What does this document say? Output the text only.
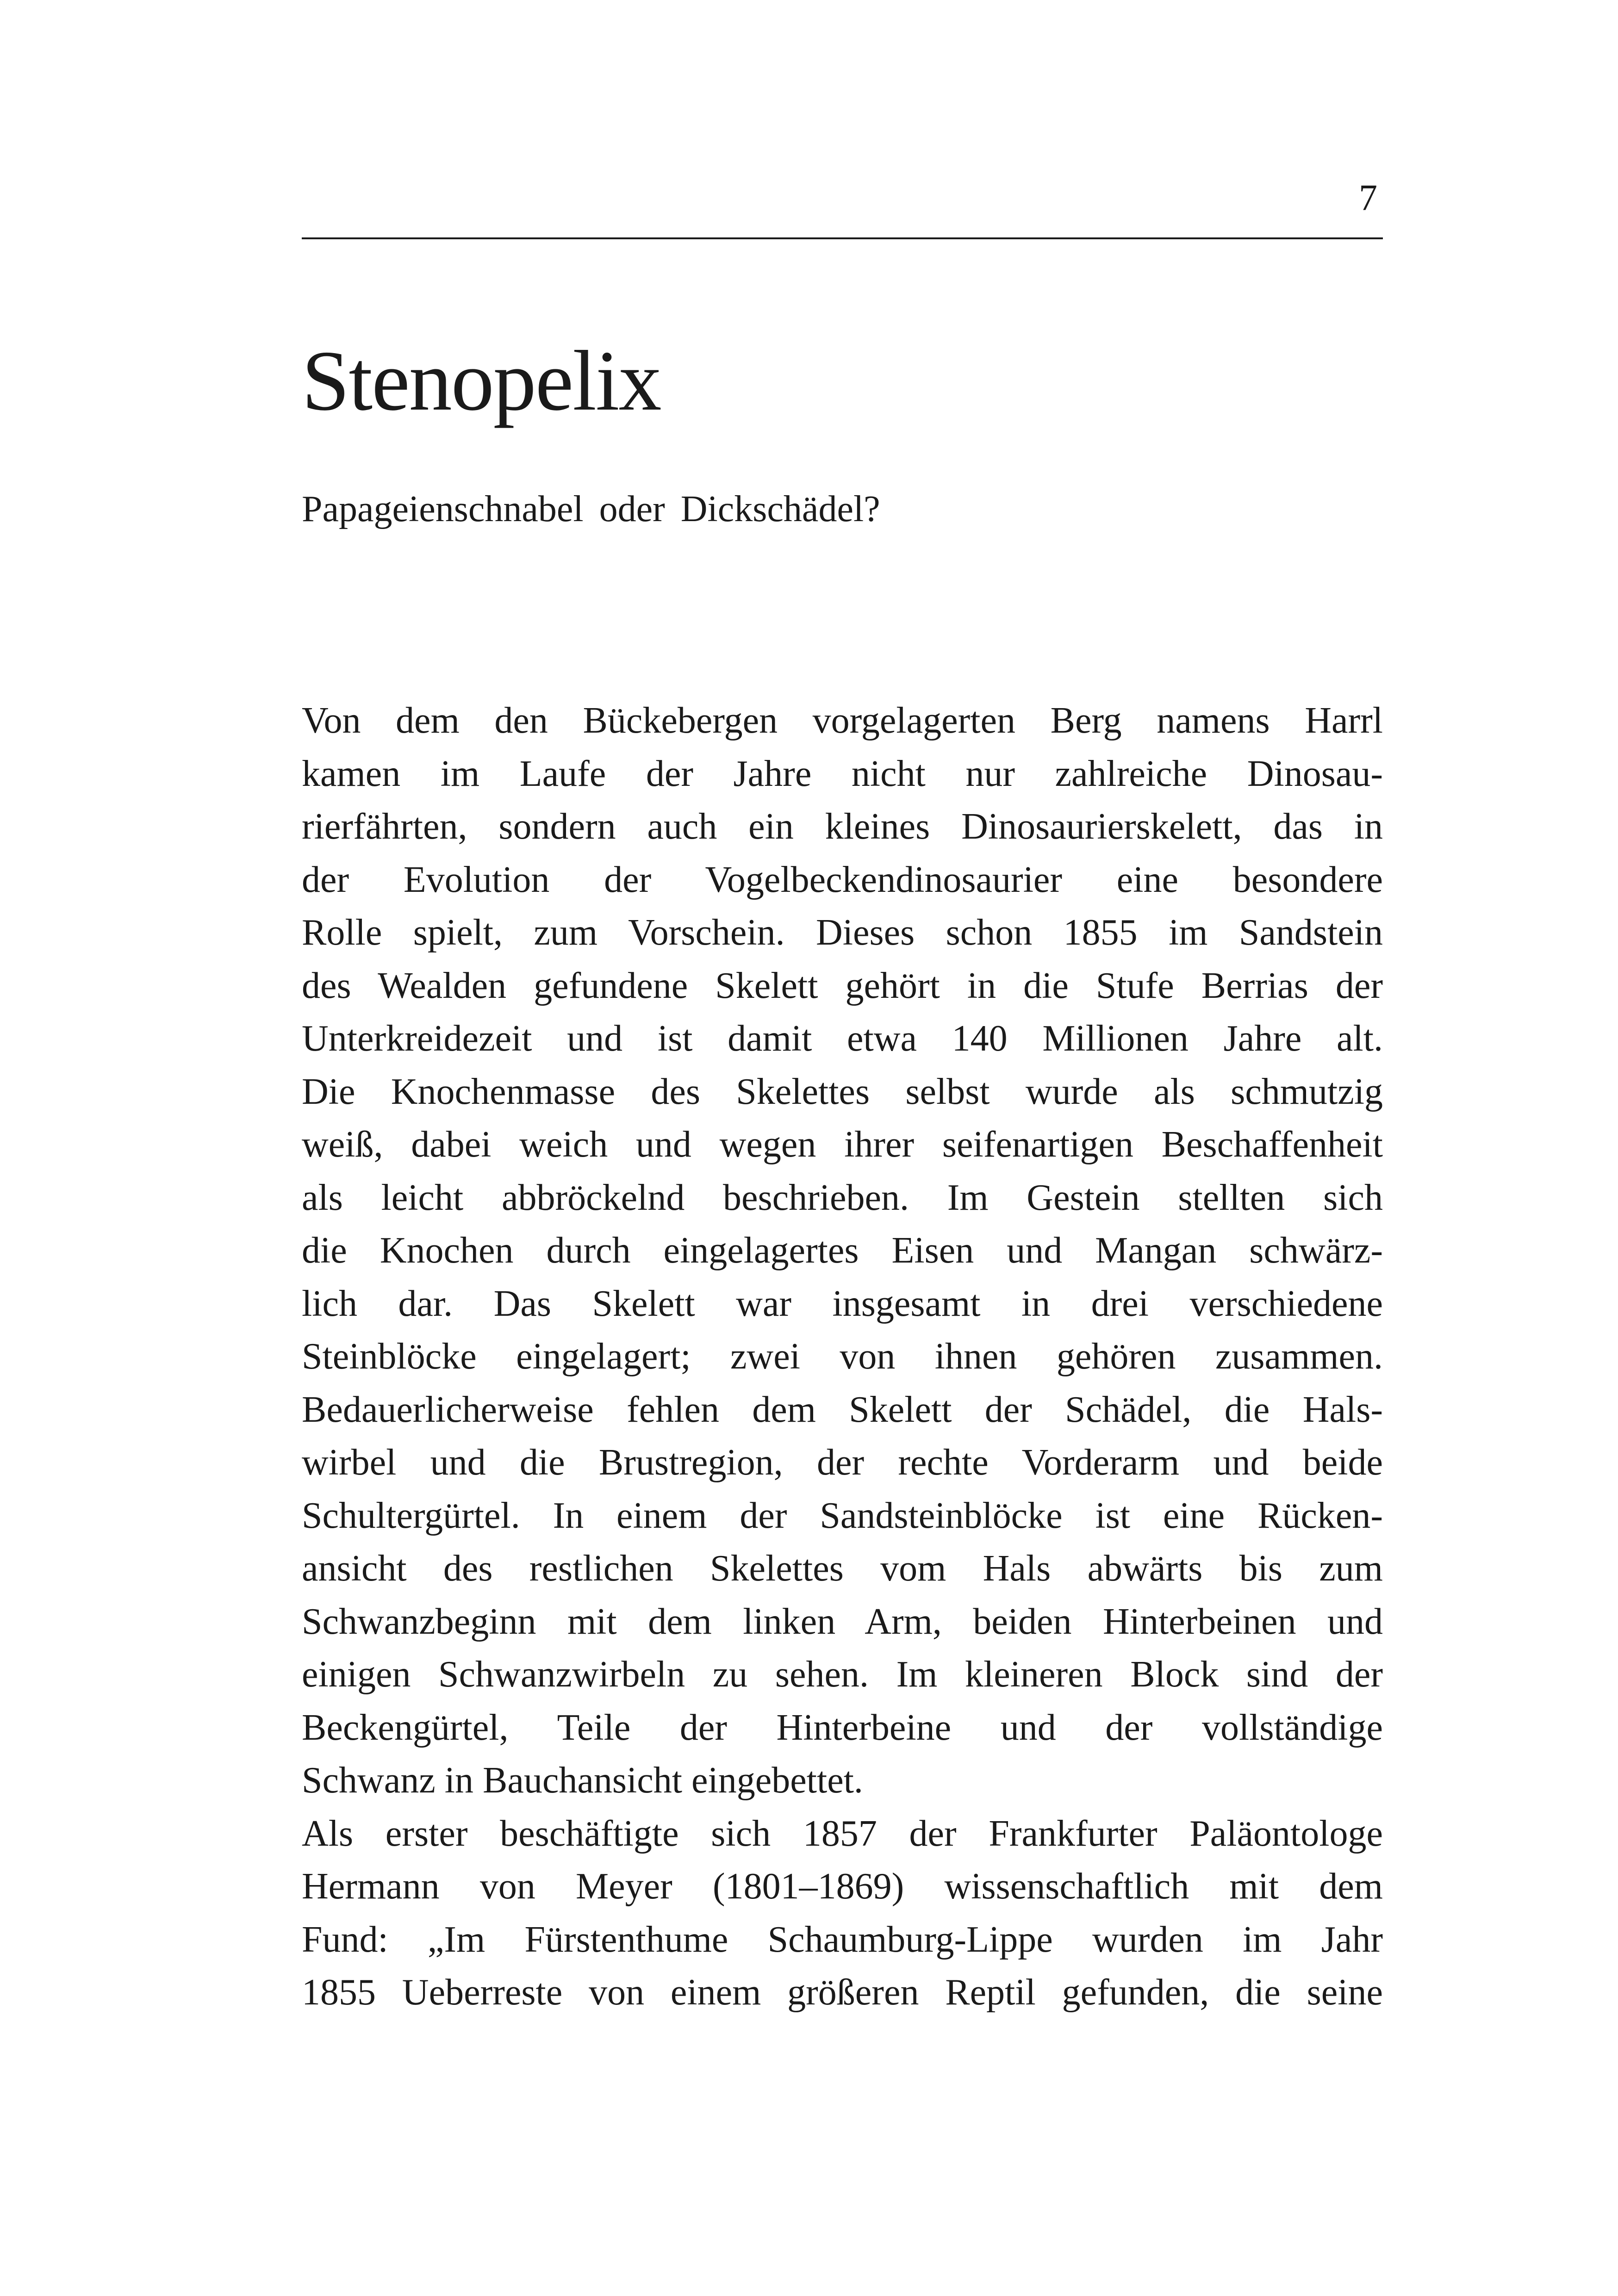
7
Stenopelix

Papageienschnabel oder Dickschädel?

Von dem den Bückebergen vorgelagerten Berg namens Harrl

kamen im Laufe der Jahre nicht nur zahlreiche Dinosau-

rierfährten, sondern auch ein kleines Dinosaurierskelett, das in

der Evolution der Vogelbeckendinosaurier eine besondere

Rolle spielt, zum Vorschein. Dieses schon 1855 im Sandstein

des Wealden gefundene Skelett gehört in die Stufe Berrias der

Unterkreidezeit und ist damit etwa 140 Millionen Jahre alt.

Die Knochenmasse des Skelettes selbst wurde als schmutzig

weiß, dabei weich und wegen ihrer seifenartigen Beschaffenheit

als leicht abbröckelnd beschrieben. Im Gestein stellten sich

die Knochen durch eingelagertes Eisen und Mangan schwärz-

lich dar. Das Skelett war insgesamt in drei verschiedene

Steinblöcke eingelagert; zwei von ihnen gehören zusammen.

Bedauerlicherweise fehlen dem Skelett der Schädel, die Hals-

wirbel und die Brustregion, der rechte Vorderarm und beide

Schultergürtel. In einem der Sandsteinblöcke ist eine Rücken-

ansicht des restlichen Skelettes vom Hals abwärts bis zum

Schwanzbeginn mit dem linken Arm, beiden Hinterbeinen und

einigen Schwanzwirbeln zu sehen. Im kleineren Block sind der

Beckengürtel, Teile der Hinterbeine und der vollständige

Schwanz in Bauchansicht eingebettet.

Als erster beschäftigte sich 1857 der Frankfurter Paläontologe

Hermann von Meyer (1801–1869) wissenschaftlich mit dem

Fund: „Im Fürstenthume Schaumburg-Lippe wurden im Jahr

1855 Ueberreste von einem größeren Reptil gefunden, die seine
